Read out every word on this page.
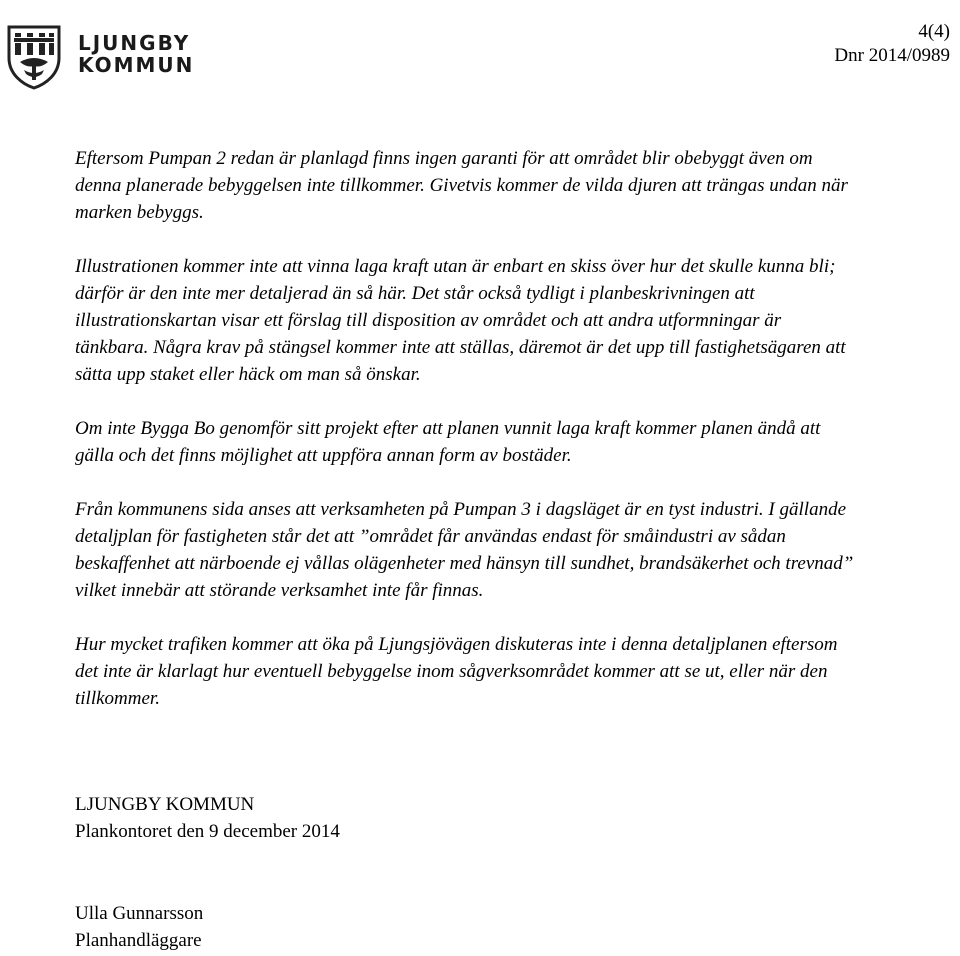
LJUNGBY
KOMMUN
4(4)
Dnr 2014/0989

Eftersom Pumpan 2 redan är planlagd finns ingen garanti för att området blir obebyggt även om denna planerade bebyggelsen inte tillkommer. Givetvis kommer de vilda djuren att trängas undan när marken bebyggs.

Illustrationen kommer inte att vinna laga kraft utan är enbart en skiss över hur det skulle kunna bli; därför är den inte mer detaljerad än så här. Det står också tydligt i planbeskrivningen att illustrationskartan visar ett förslag till disposition av området och att andra utformningar är tänkbara. Några krav på stängsel kommer inte att ställas, däremot är det upp till fastighetsägaren att sätta upp staket eller häck om man så önskar.

Om inte Bygga Bo genomför sitt projekt efter att planen vunnit laga kraft kommer planen ändå att gälla och det finns möjlighet att uppföra annan form av bostäder.

Från kommunens sida anses att verksamheten på Pumpan 3 i dagsläget är en tyst industri. I gällande detaljplan för fastigheten står det att ”området får användas endast för småindustri av sådan beskaffenhet att närboende ej vållas olägenheter med hänsyn till sundhet, brandsäkerhet och trevnad” vilket innebär att störande verksamhet inte får finnas.

Hur mycket trafiken kommer att öka på Ljungsjövägen diskuteras inte i denna detaljplanen eftersom det inte är klarlagt hur eventuell bebyggelse inom sågverksområdet kommer att se ut, eller när den tillkommer.

LJUNGBY KOMMUN
Plankontoret den 9 december 2014
Ulla Gunnarsson
Planhandläggare
